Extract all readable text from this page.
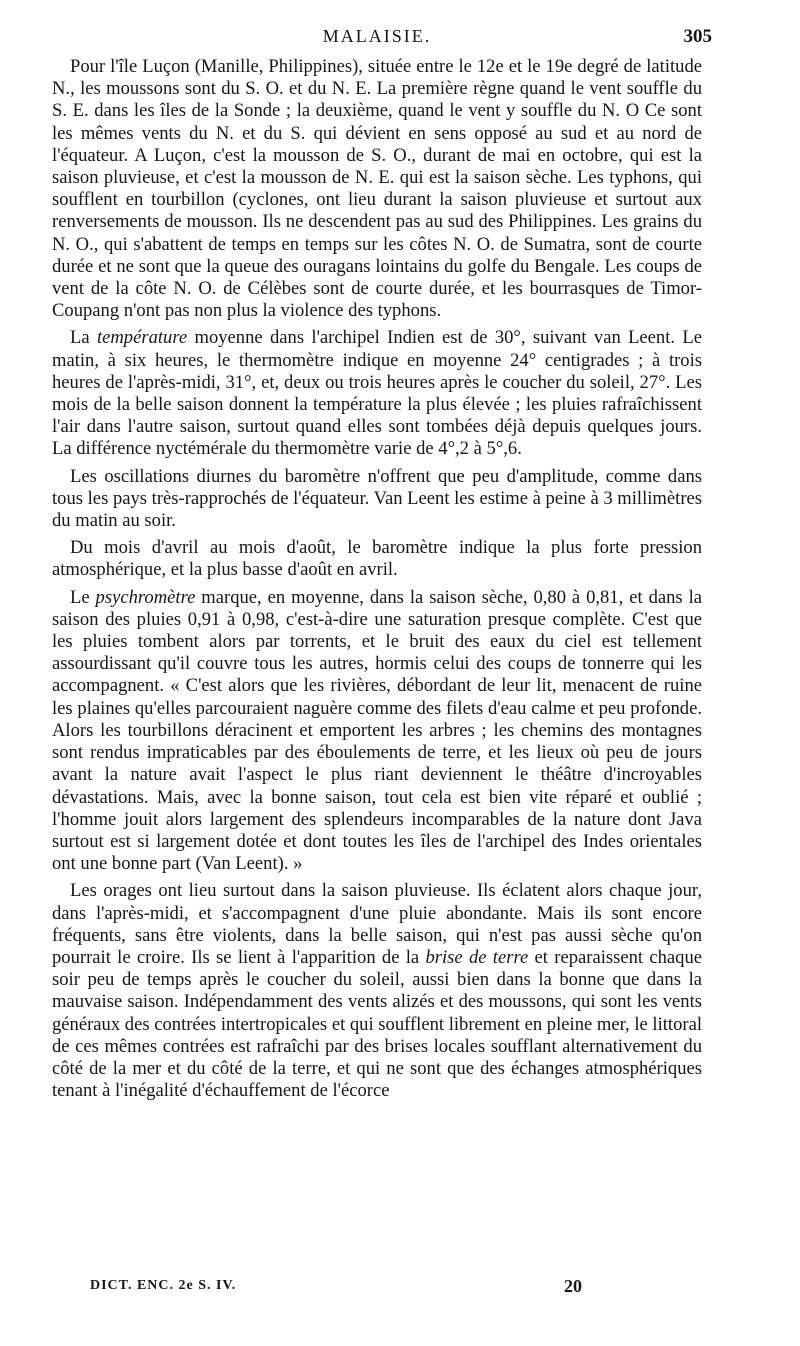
MALAISIE.	305

Pour l'île Luçon (Manille, Philippines), située entre le 12e et le 19e degré de latitude N., les moussons sont du S. O. et du N. E. La première règne quand le vent souffle du S. E. dans les îles de la Sonde ; la deuxième, quand le vent y souffle du N. O Ce sont les mêmes vents du N. et du S. qui dévient en sens opposé au sud et au nord de l'équateur. A Luçon, c'est la mousson de S. O., durant de mai en octobre, qui est la saison pluvieuse, et c'est la mousson de N. E. qui est la saison sèche. Les typhons, qui soufflent en tourbillon (cyclones, ont lieu durant la saison pluvieuse et surtout aux renversements de mousson. Ils ne descendent pas au sud des Philippines. Les grains du N. O., qui s'abattent de temps en temps sur les côtes N. O. de Sumatra, sont de courte durée et ne sont que la queue des ouragans lointains du golfe du Bengale. Les coups de vent de la côte N. O. de Célèbes sont de courte durée, et les bourrasques de Timor-Coupang n'ont pas non plus la violence des typhons.

La température moyenne dans l'archipel Indien est de 30°, suivant van Leent. Le matin, à six heures, le thermomètre indique en moyenne 24° centigrades ; à trois heures de l'après-midi, 31°, et, deux ou trois heures après le coucher du soleil, 27°. Les mois de la belle saison donnent la température la plus élevée ; les pluies rafraîchissent l'air dans l'autre saison, surtout quand elles sont tombées déjà depuis quelques jours. La différence nyctémérale du thermomètre varie de 4°,2 à 5°,6.

Les oscillations diurnes du baromètre n'offrent que peu d'amplitude, comme dans tous les pays très-rapprochés de l'équateur. Van Leent les estime à peine à 3 millimètres du matin au soir.

Du mois d'avril au mois d'août, le baromètre indique la plus forte pression atmosphérique, et la plus basse d'août en avril.

Le psychromètre marque, en moyenne, dans la saison sèche, 0,80 à 0,81, et dans la saison des pluies 0,91 à 0,98, c'est-à-dire une saturation presque complète. C'est que les pluies tombent alors par torrents, et le bruit des eaux du ciel est tellement assourdissant qu'il couvre tous les autres, hormis celui des coups de tonnerre qui les accompagnent. « C'est alors que les rivières, débordant de leur lit, menacent de ruine les plaines qu'elles parcouraient naguère comme des filets d'eau calme et peu profonde. Alors les tourbillons déracinent et emportent les arbres ; les chemins des montagnes sont rendus impraticables par des éboulements de terre, et les lieux où peu de jours avant la nature avait l'aspect le plus riant deviennent le théâtre d'incroyables dévastations. Mais, avec la bonne saison, tout cela est bien vite réparé et oublié ; l'homme jouit alors largement des splendeurs incomparables de la nature dont Java surtout est si largement dotée et dont toutes les îles de l'archipel des Indes orientales ont une bonne part (Van Leent). »

Les orages ont lieu surtout dans la saison pluvieuse. Ils éclatent alors chaque jour, dans l'après-midi, et s'accompagnent d'une pluie abondante. Mais ils sont encore fréquents, sans être violents, dans la belle saison, qui n'est pas aussi sèche qu'on pourrait le croire. Ils se lient à l'apparition de la brise de terre et reparaissent chaque soir peu de temps après le coucher du soleil, aussi bien dans la bonne que dans la mauvaise saison. Indépendamment des vents alizés et des moussons, qui sont les vents généraux des contrées intertropicales et qui soufflent librement en pleine mer, le littoral de ces mêmes contrées est rafraîchi par des brises locales soufflant alternativement du côté de la mer et du côté de la terre, et qui ne sont que des échanges atmosphériques tenant à l'inégalité d'échauffement de l'écorce

DICT. ENC. 2e S. IV.	20
